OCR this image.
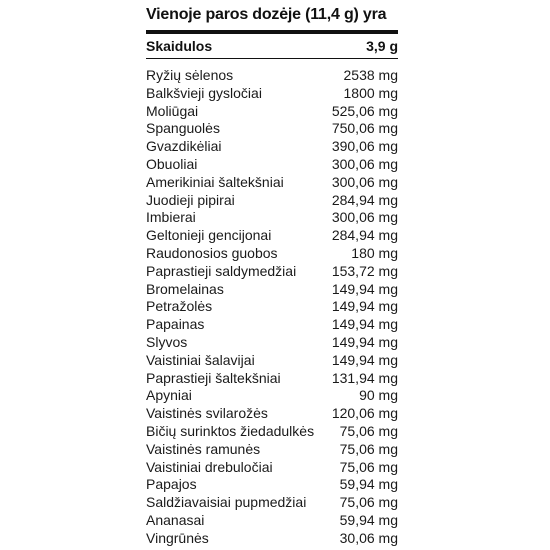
Vienoje paros dozėje (11,4 g) yra
Skaidulos	3,9 g
Ryžių sėlenos	2538 mg
Balkšvieji gysločiai	1800 mg
Moliūgai	525,06 mg
Spanguolės	750,06 mg
Gvazdikėliai	390,06 mg
Obuoliai	300,06 mg
Amerikiniai šaltekšniai	300,06 mg
Juodieji pipirai	284,94 mg
Imbierai	300,06 mg
Geltonieji gencijonai	284,94 mg
Raudonosios guobos	180 mg
Paprastieji saldymedžiai	153,72 mg
Bromelainas	149,94 mg
Petražolės	149,94 mg
Papainas	149,94 mg
Slyvos	149,94 mg
Vaistiniai šalavijai	149,94 mg
Paprastieji šaltekšniai	131,94 mg
Apyniai	90 mg
Vaistinės svilarožės	120,06 mg
Bičių surinktos žiedadulkės 75,06 mg
Vaistinės ramunės	75,06 mg
Vaistiniai drebuločiai	75,06 mg
Papajos	59,94 mg
Saldžiavaisiai pupmedžiai 75,06 mg
Ananasai	59,94 mg
Vingrūnės	30,06 mg
